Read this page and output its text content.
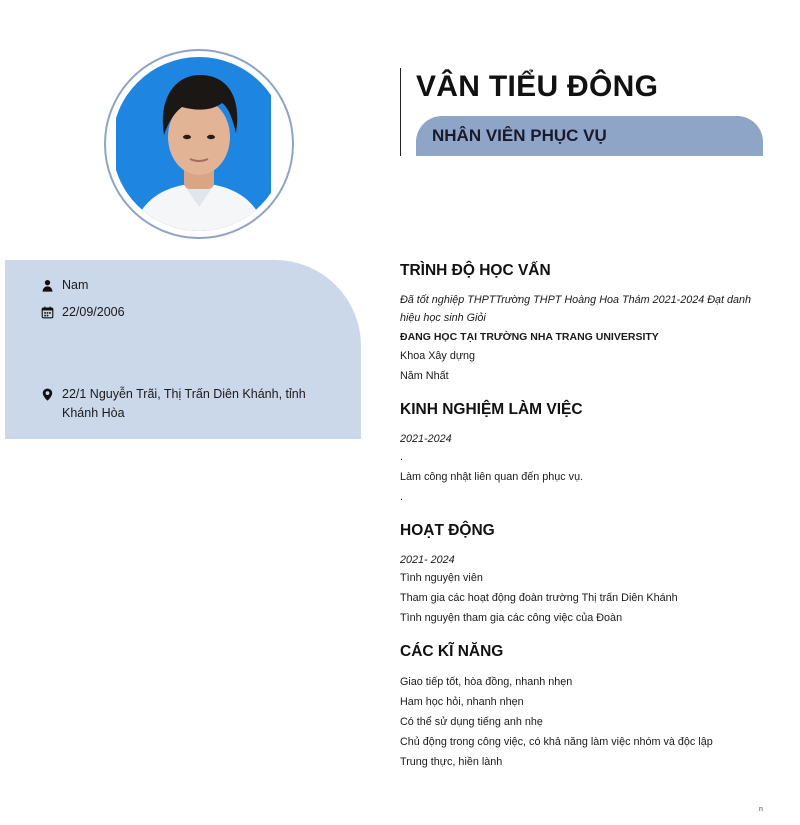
VÂN TIỂU ĐÔNG
NHÂN VIÊN PHỤC VỤ
Nam
22/09/2006
22/1 Nguyễn Trãi, Thị Trấn Diên Khánh, tỉnh Khánh Hòa
TRÌNH ĐỘ HỌC VẤN
Đã tốt nghiệp THPTTrường THPT Hoàng Hoa Thám 2021-2024 Đạt danh hiệu học sinh Giỏi
ĐANG HỌC TẠI TRƯỜNG NHA TRANG UNIVERSITY
Khoa Xây dựng
Năm Nhất
KINH NGHIỆM LÀM VIỆC
2021-2024
.
Làm công nhật liên quan đến phục vụ.
.
HOẠT ĐỘNG
2021- 2024
Tình nguyện viên
Tham gia các hoạt động đoàn trường Thị trấn Diên Khánh
Tình nguyện tham gia các công việc của Đoàn
CÁC KĨ NĂNG
Giao tiếp tốt, hòa đồng, nhanh nhẹn
Ham học hỏi, nhanh nhẹn
Có thể sử dụng tiếng anh nhẹ
Chủ động trong công việc, có khả năng làm việc nhóm và độc lập
Trung thực, hiền lành
n
